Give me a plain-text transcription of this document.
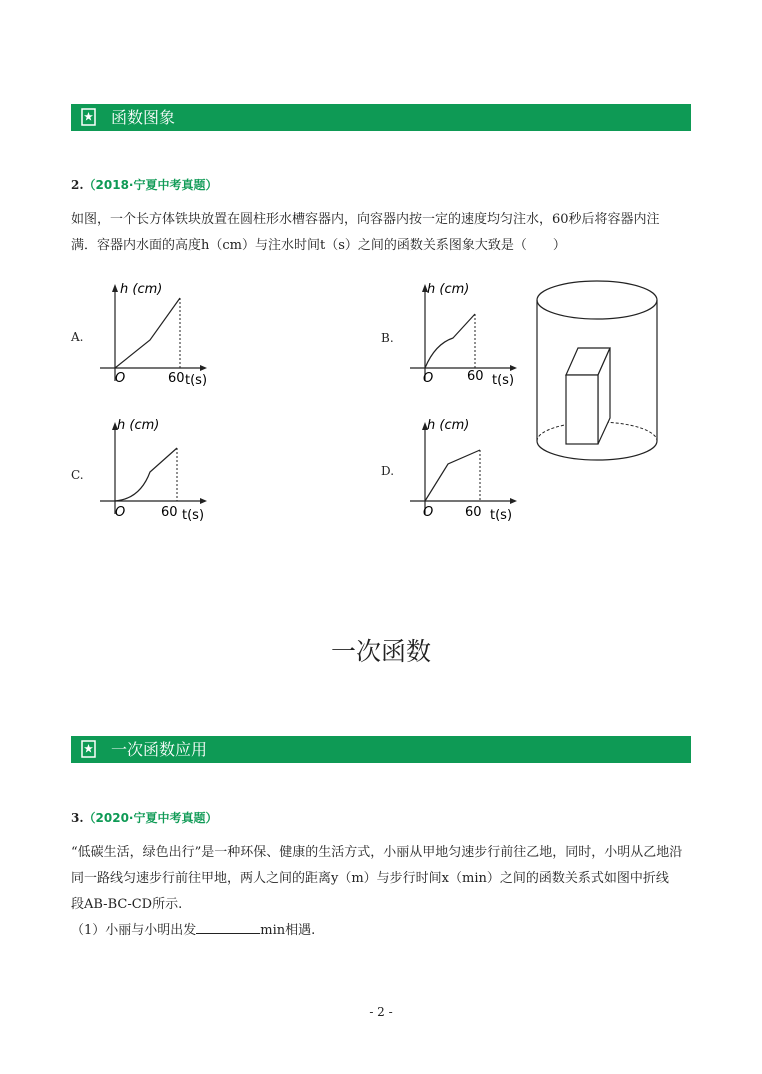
函数图象
2.（2018·宁夏中考真题）
如图，一个长方体铁块放置在圆柱形水槽容器内，向容器内按一定的速度均匀注水，60秒后将容器内注
满．容器内水面的高度h（cm）与注水时间t（s）之间的函数关系图象大致是（　　）
A.	B.
C.	D.
h (cm)
t(s)
O	60
h (cm)
t(s)
O	60
h (cm)
t(s)
O	60
h (cm)
t(s)
O 60
一次函数
一次函数应用
3.（2020·宁夏中考真题）
“低碳生活，绿色出行”是一种环保、健康的生活方式，小丽从甲地匀速步行前往乙地，同时，小明从乙地沿
同一路线匀速步行前往甲地，两人之间的距离y（m）与步行时间x（min）之间的函数关系式如图中折线
段AB-BC-CD所示.
（1）小丽与小明出发	min相遇.
- 2 -
